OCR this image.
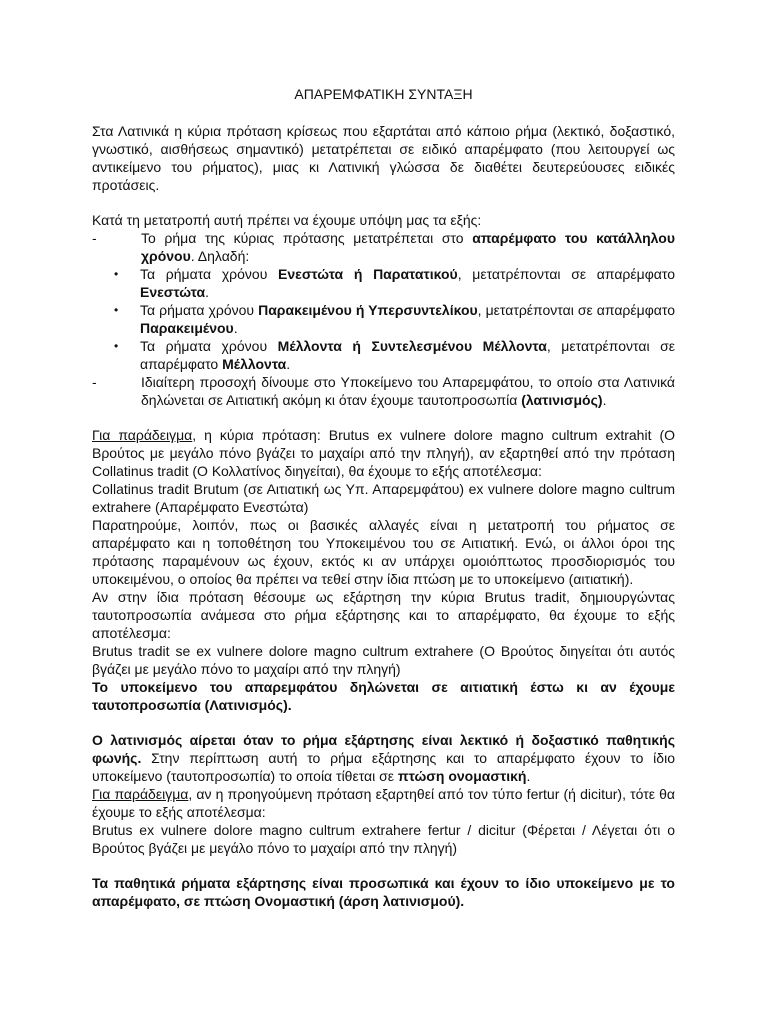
ΑΠΑΡΕΜΦΑΤΙΚΗ ΣΥΝΤΑΞΗ

Στα Λατινικά η κύρια πρόταση κρίσεως που εξαρτάται από κάποιο ρήμα (λεκτικό, δοξαστικό, γνωστικό, αισθήσεως σημαντικό) μετατρέπεται σε ειδικό απαρέμφατο (που λειτουργεί ως αντικείμενο του ρήματος), μιας κι Λατινική γλώσσα δε διαθέτει δευτερεύουσες ειδικές προτάσεις.

Κατά τη μετατροπή αυτή πρέπει να έχουμε υπόψη μας τα εξής:

-	Το ρήμα της κύριας πρότασης μετατρέπεται στο απαρέμφατο του κατάλληλου χρόνου. Δηλαδή:
•	Τα ρήματα χρόνου Ενεστώτα ή Παρατατικού, μετατρέπονται σε απαρέμφατο Ενεστώτα.
•	Τα ρήματα χρόνου Παρακειμένου ή Υπερσυντελίκου, μετατρέπονται σε απαρέμφατο Παρακειμένου.
•	Τα ρήματα χρόνου Μέλλοντα ή Συντελεσμένου Μέλλοντα, μετατρέπονται σε απαρέμφατο Μέλλοντα.
-	Ιδιαίτερη προσοχή δίνουμε στο Υποκείμενο του Απαρεμφάτου, το οποίο στα Λατινικά δηλώνεται σε Αιτιατική ακόμη κι όταν έχουμε ταυτοπροσωπία (λατινισμός).

Για παράδειγμα, η κύρια πρόταση: Brutus ex vulnere dolore magno cultrum extrahit (Ο Βρούτος με μεγάλο πόνο βγάζει το μαχαίρι από την πληγή), αν εξαρτηθεί από την πρόταση Collatinus tradit (Ο Κολλατίνος διηγείται), θα έχουμε το εξής αποτέλεσμα:

Collatinus tradit Brutum (σε Αιτιατική ως Υπ. Απαρεμφάτου) ex vulnere dolore magno cultrum extrahere (Απαρέμφατο Ενεστώτα)

Παρατηρούμε, λοιπόν, πως οι βασικές αλλαγές είναι η μετατροπή του ρήματος σε απαρέμφατο και η τοποθέτηση του Υποκειμένου του σε Αιτιατική. Ενώ, οι άλλοι όροι της πρότασης παραμένουν ως έχουν, εκτός κι αν υπάρχει ομοιόπτωτος προσδιορισμός του υποκειμένου, ο οποίος θα πρέπει να τεθεί στην ίδια πτώση με το υποκείμενο (αιτιατική).

Αν στην ίδια πρόταση θέσουμε ως εξάρτηση την κύρια Brutus tradit, δημιουργώντας ταυτοπροσωπία ανάμεσα στο ρήμα εξάρτησης και το απαρέμφατο, θα έχουμε το εξής αποτέλεσμα:

Brutus tradit se ex vulnere dolore magno cultrum extrahere (Ο Βρούτος διηγείται ότι αυτός βγάζει με μεγάλο πόνο το μαχαίρι από την πληγή)

Το υποκείμενο του απαρεμφάτου δηλώνεται σε αιτιατική έστω κι αν έχουμε ταυτοπροσωπία (Λατινισμός).

Ο λατινισμός αίρεται όταν το ρήμα εξάρτησης είναι λεκτικό ή δοξαστικό παθητικής φωνής. Στην περίπτωση αυτή το ρήμα εξάρτησης και το απαρέμφατο έχουν το ίδιο υποκείμενο (ταυτοπροσωπία) το οποία τίθεται σε πτώση ονομαστική.

Για παράδειγμα, αν η προηγούμενη πρόταση εξαρτηθεί από τον τύπο fertur (ή dicitur), τότε θα έχουμε το εξής αποτέλεσμα:

Brutus ex vulnere dolore magno cultrum extrahere fertur / dicitur (Φέρεται / Λέγεται ότι ο Βρούτος βγάζει με μεγάλο πόνο το μαχαίρι από την πληγή)

Τα παθητικά ρήματα εξάρτησης είναι προσωπικά και έχουν το ίδιο υποκείμενο με το απαρέμφατο, σε πτώση Ονομαστική (άρση λατινισμού).
